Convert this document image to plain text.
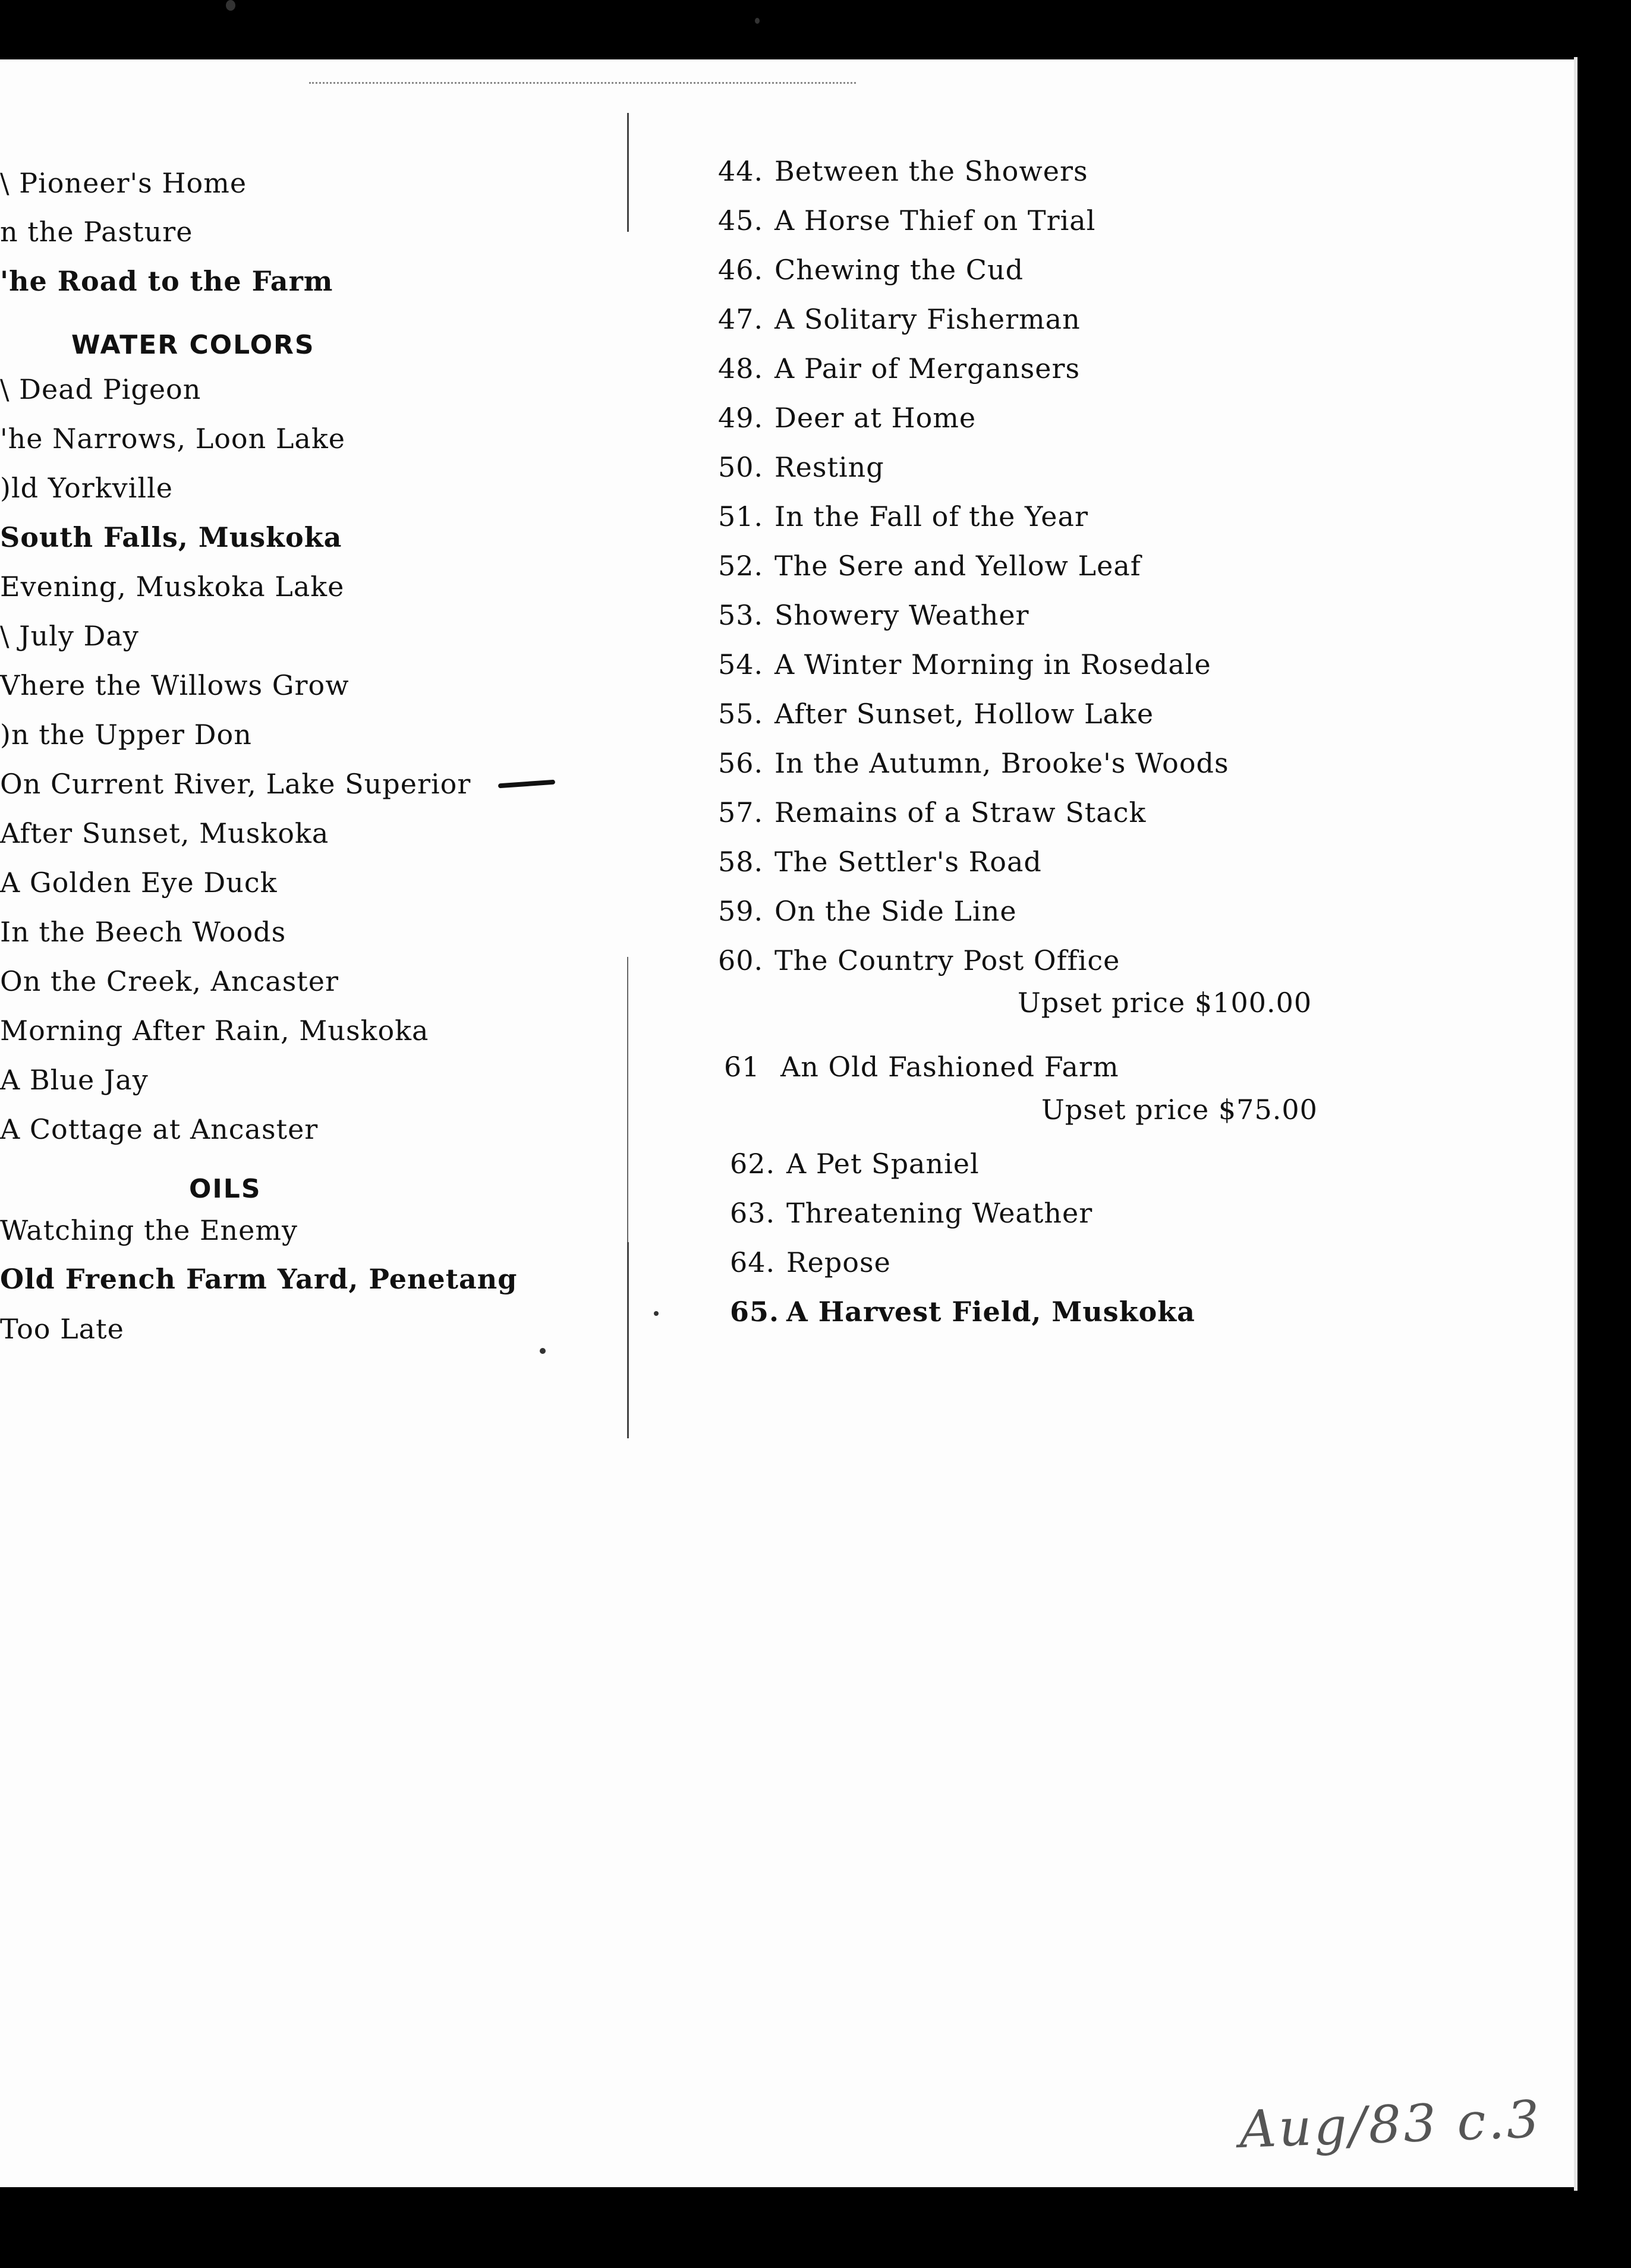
\ Pioneer's Home
n the Pasture
'he Road to the Farm
WATER COLORS
\ Dead Pigeon
'he Narrows, Loon Lake
)ld Yorkville
South Falls, Muskoka
Evening, Muskoka Lake
\ July Day
Vhere the Willows Grow
)n the Upper Don
On Current River, Lake Superior
After Sunset, Muskoka
A Golden Eye Duck
In the Beech Woods
On the Creek, Ancaster
Morning After Rain, Muskoka
A Blue Jay
A Cottage at Ancaster
OILS
Watching the Enemy
Old French Farm Yard, Penetang
Too Late
44. Between the Showers
45. A Horse Thief on Trial
46. Chewing the Cud
47. A Solitary Fisherman
48. A Pair of Mergansers
49. Deer at Home
50. Resting
51. In the Fall of the Year
52. The Sere and Yellow Leaf
53. Showery Weather
54. A Winter Morning in Rosedale
55. After Sunset, Hollow Lake
56. In the Autumn, Brooke's Woods
57. Remains of a Straw Stack
58. The Settler's Road
59. On the Side Line
60. The Country Post Office
Upset price $100.00
61 An Old Fashioned Farm
Upset price $75.00
62. A Pet Spaniel
63. Threatening Weather
64. Repose
65. A Harvest Field, Muskoka
Aug/83 c.3
